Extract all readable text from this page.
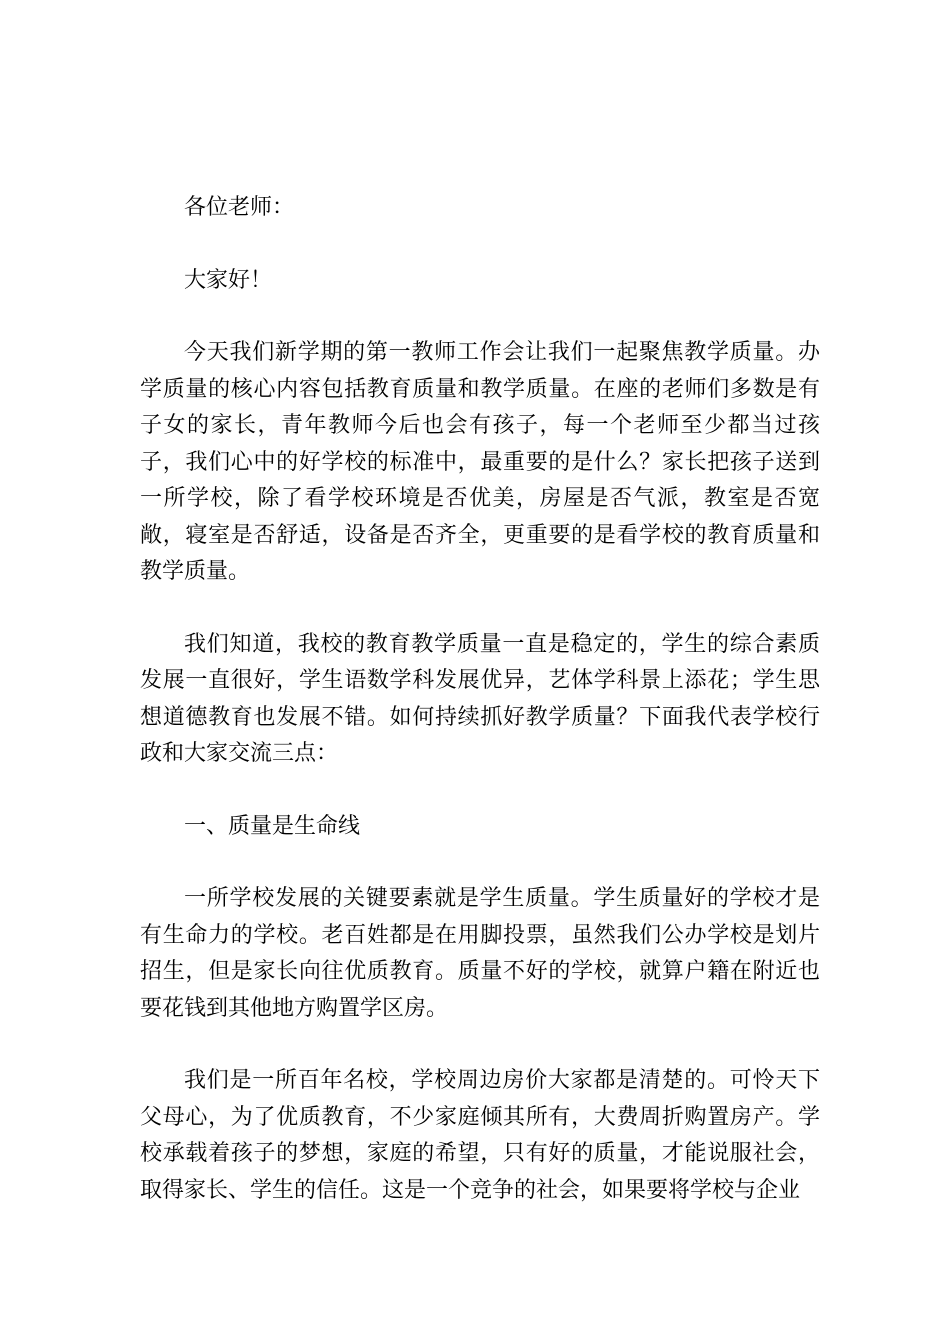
各位老师：

大家好！

今天我们新学期的第一教师工作会让我们一起聚焦教学质量。办学质量的核心内容包括教育质量和教学质量。在座的老师们多数是有子女的家长，青年教师今后也会有孩子，每一个老师至少都当过孩子，我们心中的好学校的标准中，最重要的是什么？家长把孩子送到一所学校，除了看学校环境是否优美，房屋是否气派，教室是否宽敞，寝室是否舒适，设备是否齐全，更重要的是看学校的教育质量和教学质量。

我们知道，我校的教育教学质量一直是稳定的，学生的综合素质发展一直很好，学生语数学科发展优异，艺体学科景上添花；学生思想道德教育也发展不错。如何持续抓好教学质量？下面我代表学校行政和大家交流三点：

一、质量是生命线

一所学校发展的关键要素就是学生质量。学生质量好的学校才是有生命力的学校。老百姓都是在用脚投票，虽然我们公办学校是划片招生，但是家长向往优质教育。质量不好的学校，就算户籍在附近也要花钱到其他地方购置学区房。

我们是一所百年名校，学校周边房价大家都是清楚的。可怜天下父母心，为了优质教育，不少家庭倾其所有，大费周折购置房产。学校承载着孩子的梦想，家庭的希望，只有好的质量，才能说服社会，取得家长、学生的信任。这是一个竞争的社会，如果要将学校与企业
